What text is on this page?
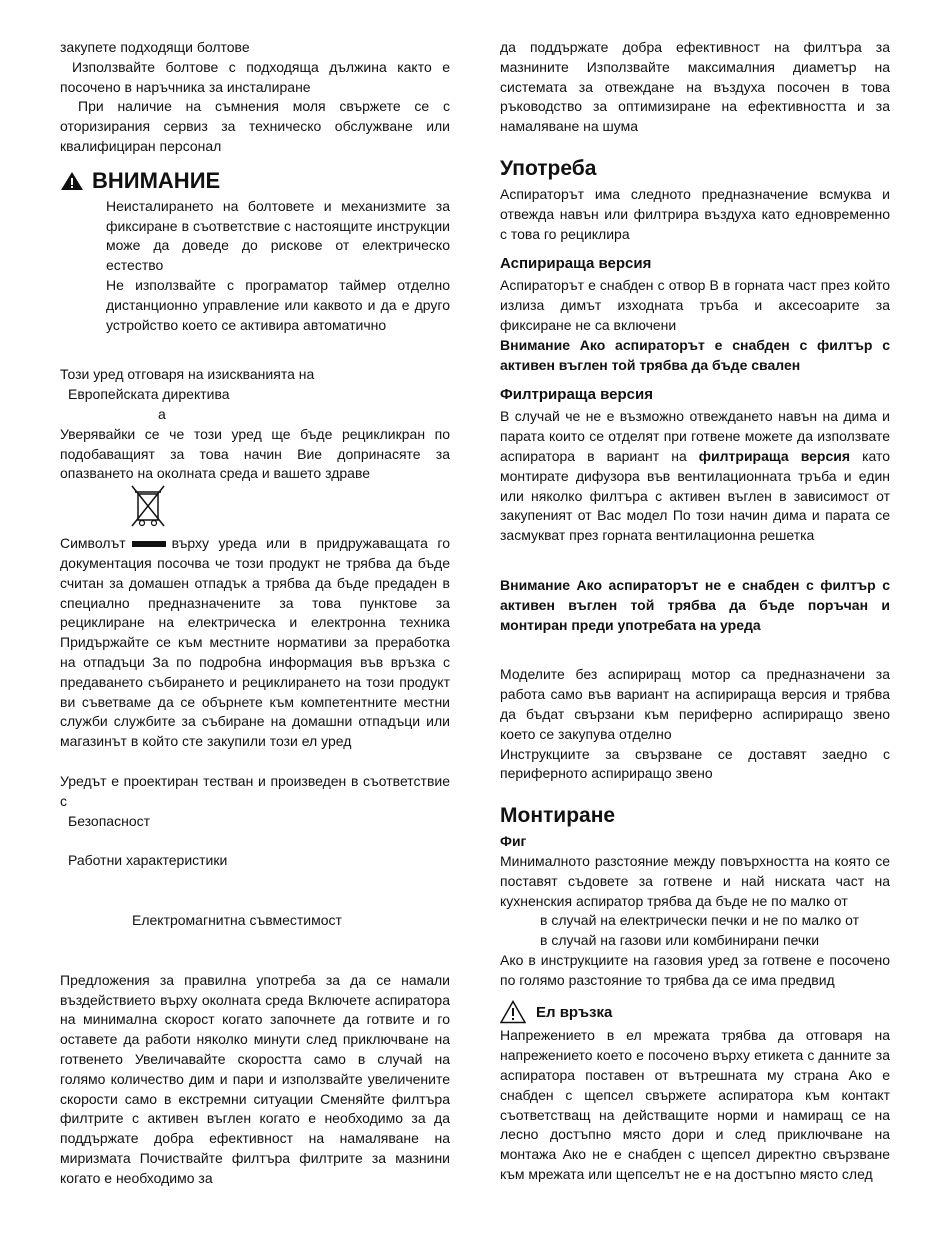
закупете подходящи болтове

Използвайте болтове с подходяща дължина както е посочено в наръчника за инсталиране

При наличие на съмнения моля свържете се с оторизирания сервиз за техническо обслужване или квалифициран персонал

ВНИМАНИЕ

Неисталирането на болтовете и механизмите за фиксиране в съответствие с настоящите инструкции може да доведе до рискове от електрическо естество

Не използвайте с програматор таймер отделно дистанционно управление или каквото и да е друго устройство което се активира автоматично

Този уред отговаря на изискванията на

Европейската директива

а

Уверявайки се че този уред ще бъде рецикликран по подобаващият за това начин Вие допринасяте за опазването на околната среда и вашето здраве

Символът	върху уреда или в придружаващата го документация посочва че този продукт не трябва да бъде считан за домашен отпадък а трябва да бъде предаден в специално предназначените за това пунктове за рециклиране на електрическа и електронна техника Придържайте се към местните нормативи за преработка на отпадъци За по подробна информация във връзка с предаването събирането и рециклирането на този продукт ви съветваме да се обърнете към компетентните местни служби службите за събиране на домашни отпадъци или магазинът в който сте закупили този ел уред

Уредът е проектиран тестван и произведен в съответствие с

Безопасност

Работни характеристики

Електромагнитна съвместимост

Предложения за правилна употреба за да се намали въздействието върху околната среда Включете аспиратора на минимална скорост когато започнете да готвите и го оставете да работи няколко минути след приключване на готвенето Увеличавайте скоростта само в случай на голямо количество дим и пари и използвайте увеличените скорости само в екстремни ситуации Сменяйте филтъра филтрите с активен въглен когато е необходимо за да поддържате добра ефективност на намаляване на миризмата Почиствайте филтъра филтрите за мазнини когато е необходимо за

да поддържате добра ефективност на филтъра за мазнините Използвайте максималния диаметър на системата за отвеждане на въздуха посочен в това ръководство за оптимизиране на ефективността и за намаляване на шума

Употреба

Аспираторът има следното предназначение всмуква и отвежда навън или филтрира въздуха като едновременно с това го рециклира

Аспирираща версия

Аспираторът е снабден с отвор B в горната част през който излиза димът изходната тръба и аксесоарите за фиксиране не са включени

Внимание Ако аспираторът е снабден с филтър с активен въглен той трябва да бъде свален

Филтрираща версия

В случай че не е възможно отвеждането навън на дима и парата които се отделят при готвене можете да използвате аспиратора в вариант на филтрираща версия като монтирате дифузора във вентилационната тръба и един или няколко филтъра с активен въглен в зависимост от закупеният от Вас модел По този начин дима и парата се засмукват през горната вентилационна решетка

Внимание Ако аспираторът не е снабден с филтър с активен въглен той трябва да бъде поръчан и монтиран преди употребата на уреда

Моделите без аспириращ мотор са предназначени за работа само във вариант на аспирираща версия и трябва да бъдат свързани към периферно аспириращо звено което се закупува отделно

Инструкциите за свързване се доставят заедно с периферното аспириращо звено

Монтиране

Фиг

Минималното разстояние между повърхността на която се поставят съдовете за готвене и най ниската част на кухненския аспиратор трябва да бъде не по малко от

в случай на електрически печки и не по малко от

в случай на газови или комбинирани печки

Ако в инструкциите на газовия уред за готвене е посочено по голямо разстояние то трябва да се има предвид

Ел връзка

Напрежението в ел мрежата трябва да отговаря на напрежението което е посочено върху етикета с данните за аспиратора поставен от вътрешната му страна Ако е снабден с щепсел свържете аспиратора към контакт съответстващ на действащите норми и намиращ се на лесно достъпно място дори и след приключване на монтажа Ако не е снабден с щепсел директно свързване към мрежата или щепселът не е на достъпно място след
